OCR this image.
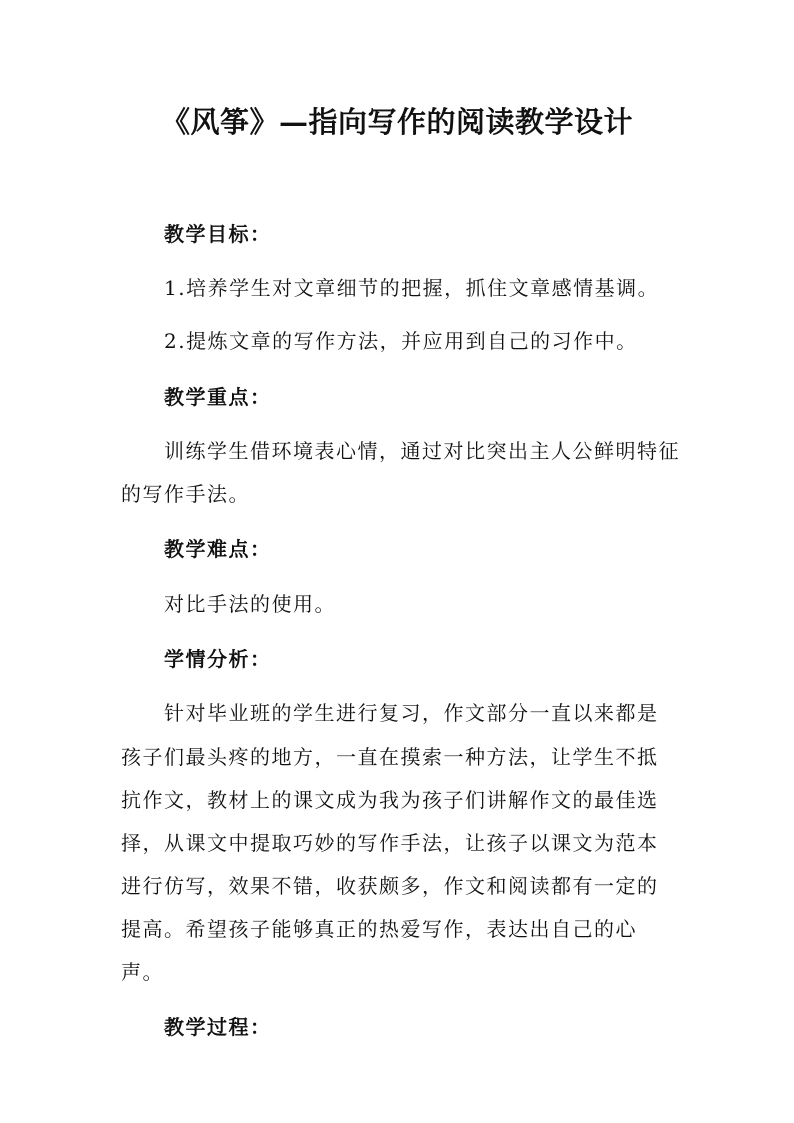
《风筝》—指向写作的阅读教学设计

教学目标：

1.培养学生对文章细节的把握，抓住文章感情基调。

2.提炼文章的写作方法，并应用到自己的习作中。

教学重点：

训练学生借环境表心情，通过对比突出主人公鲜明特征

的写作手法。

教学难点：

对比手法的使用。

学情分析：

针对毕业班的学生进行复习，作文部分一直以来都是

孩子们最头疼的地方，一直在摸索一种方法，让学生不抵

抗作文，教材上的课文成为我为孩子们讲解作文的最佳选

择，从课文中提取巧妙的写作手法，让孩子以课文为范本

进行仿写，效果不错，收获颇多，作文和阅读都有一定的

提高。希望孩子能够真正的热爱写作，表达出自己的心

声。

教学过程：
